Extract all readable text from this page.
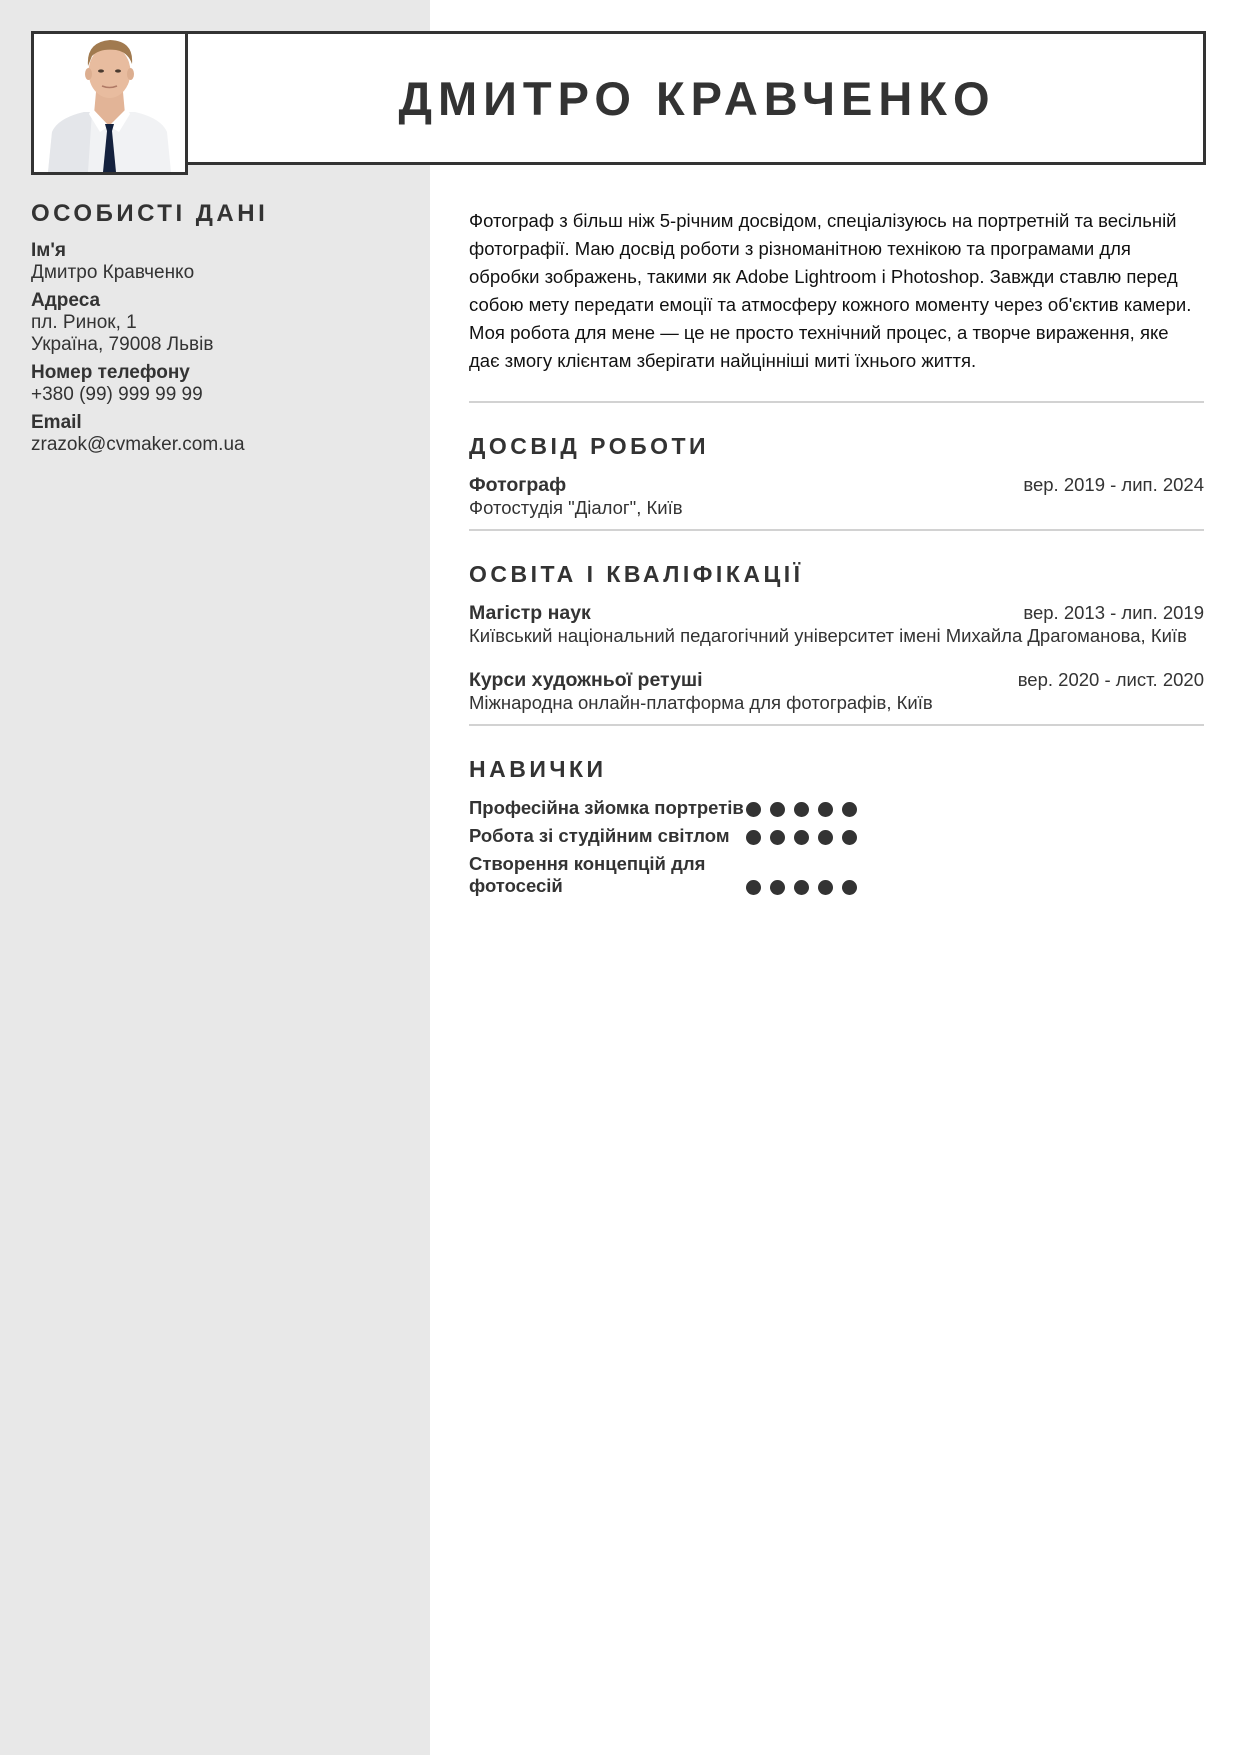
ДМИТРО КРАВЧЕНКО
ОСОБИСТІ ДАНІ
Ім'я
Дмитро Кравченко
Адреса
пл. Ринок, 1
Україна, 79008 Львів
Номер телефону
+380 (99) 999 99 99
Email
zrazok@cvmaker.com.ua

Фотограф з більш ніж 5-річним досвідом, спеціалізуюсь на портретній та весільній фотографії. Маю досвід роботи з різноманітною технікою та програмами для обробки зображень, такими як Adobe Lightroom і Photoshop. Завжди ставлю перед собою мету передати емоції та атмосферу кожного моменту через об'єктив камери. Моя робота для мене — це не просто технічний процес, а творче вираження, яке дає змогу клієнтам зберігати найцінніші миті їхнього життя.

ДОСВІД РОБОТИ
Фотограф	вер. 2019 - лип. 2024
Фотостудія "Діалог", Київ
ОСВІТА І КВАЛІФІКАЦІЇ
Магістр наук	вер. 2013 - лип. 2019
Київський національний педагогічний університет імені Михайла Драгоманова, Київ
Курси художньої ретуші	вер. 2020 - лист. 2020
Міжнародна онлайн-платформа для фотографів, Київ
НАВИЧКИ
Професійна зйомка портретів
Робота зі студійним світлом
Створення концепцій для фотосесій
